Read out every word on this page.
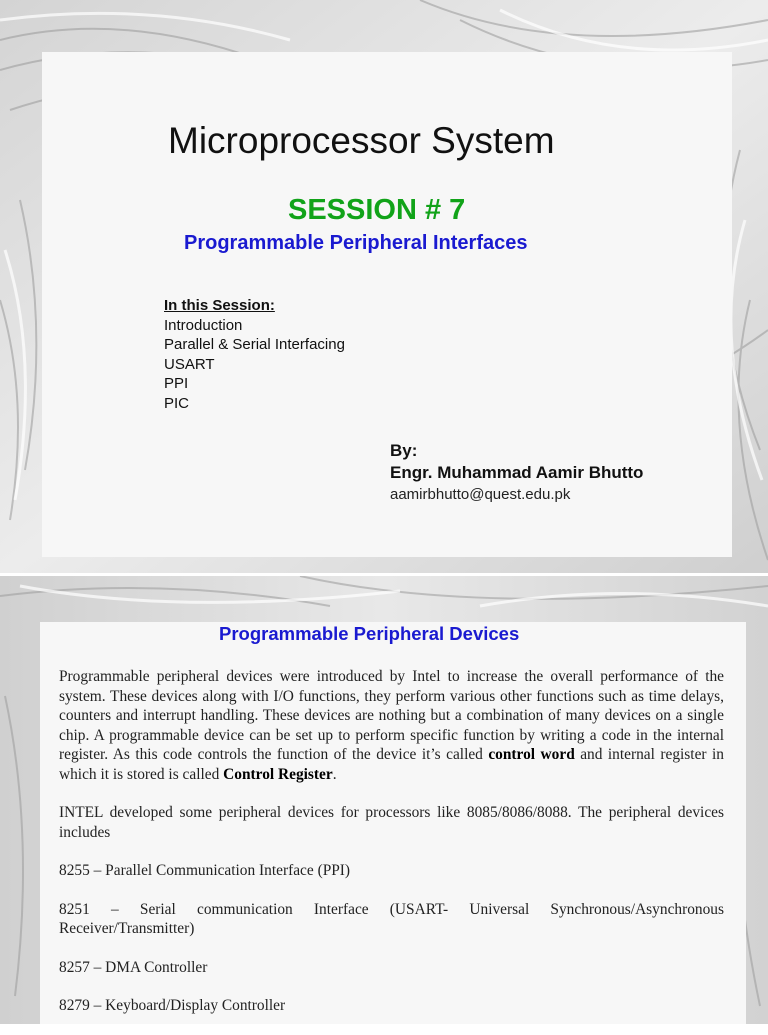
Microprocessor System
SESSION # 7
Programmable Peripheral Interfaces
In this Session:
Introduction
Parallel & Serial Interfacing
USART
PPI
PIC
By:
Engr. Muhammad Aamir Bhutto
aamirbhutto@quest.edu.pk
Programmable Peripheral Devices

Programmable peripheral devices were introduced by Intel to increase the overall performance of the system. These devices along with I/O functions, they perform various other functions such as time delays, counters and interrupt handling. These devices are nothing but a combination of many devices on a single chip. A programmable device can be set up to perform specific function by writing a code in the internal register. As this code controls the function of the device it’s called control word and internal register in which it is stored is called Control Register.

INTEL developed some peripheral devices for processors like 8085/8086/8088. The peripheral devices includes

8255 – Parallel Communication Interface (PPI)

8251 – Serial communication Interface (USART- Universal Synchronous/Asynchronous Receiver/Transmitter)

8257 – DMA Controller

8279 – Keyboard/Display Controller
